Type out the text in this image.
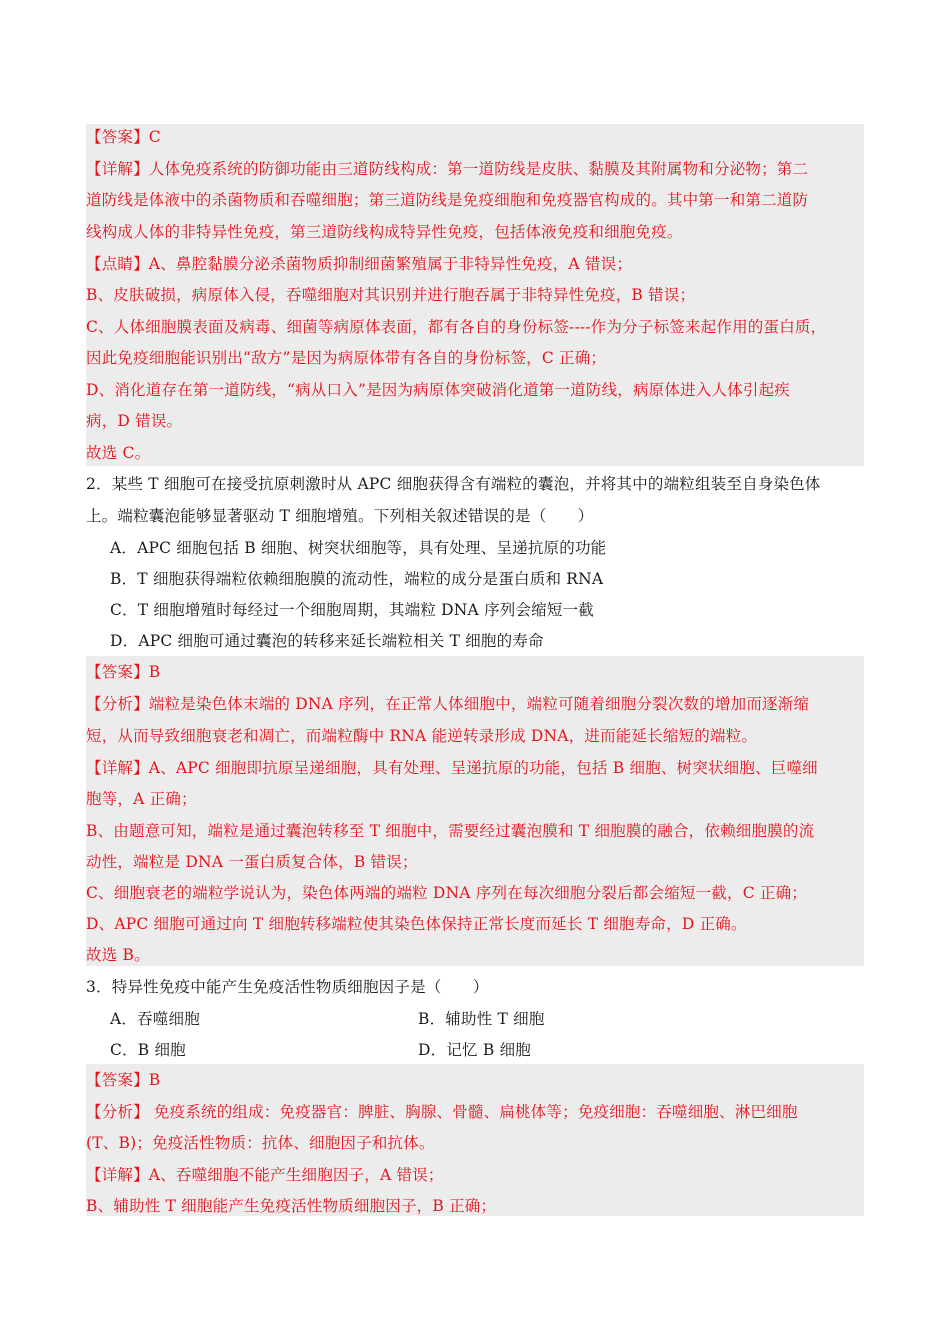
【答案】C
【详解】人体免疫系统的防御功能由三道防线构成：第一道防线是皮肤、黏膜及其附属物和分泌物；第二
道防线是体液中的杀菌物质和吞噬细胞；第三道防线是免疫细胞和免疫器官构成的。其中第一和第二道防
线构成人体的非特异性免疫，第三道防线构成特异性免疫，包括体液免疫和细胞免疫。
【点睛】A、鼻腔黏膜分泌杀菌物质抑制细菌繁殖属于非特异性免疫，A 错误；
B、皮肤破损，病原体入侵，吞噬细胞对其识别并进行胞吞属于非特异性免疫，B 错误；
C、人体细胞膜表面及病毒、细菌等病原体表面，都有各自的身份标签----作为分子标签来起作用的蛋白质，
因此免疫细胞能识别出“敌方”是因为病原体带有各自的身份标签，C 正确；
D、消化道存在第一道防线，“病从口入”是因为病原体突破消化道第一道防线，病原体进入人体引起疾
病，D 错误。
故选 C。
2．某些 T 细胞可在接受抗原刺激时从 APC 细胞获得含有端粒的囊泡，并将其中的端粒组装至自身染色体
上。端粒囊泡能够显著驱动 T 细胞增殖。下列相关叙述错误的是（　　）
A．APC 细胞包括 B 细胞、树突状细胞等，具有处理、呈递抗原的功能
B．T 细胞获得端粒依赖细胞膜的流动性，端粒的成分是蛋白质和 RNA
C．T 细胞增殖时每经过一个细胞周期，其端粒 DNA 序列会缩短一截
D．APC 细胞可通过囊泡的转移来延长端粒相关 T 细胞的寿命
【答案】B
【分析】端粒是染色体末端的 DNA 序列，在正常人体细胞中，端粒可随着细胞分裂次数的增加而逐渐缩
短，从而导致细胞衰老和凋亡，而端粒酶中 RNA 能逆转录形成 DNA，进而能延长缩短的端粒。
【详解】A、APC 细胞即抗原呈递细胞，具有处理、呈递抗原的功能，包括 B 细胞、树突状细胞、巨噬细
胞等，A 正确；
B、由题意可知，端粒是通过囊泡转移至 T 细胞中，需要经过囊泡膜和 T 细胞膜的融合，依赖细胞膜的流
动性，端粒是 DNA 一蛋白质复合体，B 错误；
C、细胞衰老的端粒学说认为，染色体两端的端粒 DNA 序列在每次细胞分裂后都会缩短一截，C 正确；
D、APC 细胞可通过向 T 细胞转移端粒使其染色体保持正常长度而延长 T 细胞寿命，D 正确。
故选 B。
3．特异性免疫中能产生免疫活性物质细胞因子是（　　）
A．吞噬细胞	B．辅助性 T 细胞
C．B 细胞	D．记忆 B 细胞
【答案】B
【分析】 免疫系统的组成：免疫器官：脾脏、胸腺、骨髓、扁桃体等；免疫细胞：吞噬细胞、淋巴细胞
(T、B)；免疫活性物质：抗体、细胞因子和抗体。
【详解】A、吞噬细胞不能产生细胞因子，A 错误；
B、辅助性 T 细胞能产生免疫活性物质细胞因子，B 正确；
